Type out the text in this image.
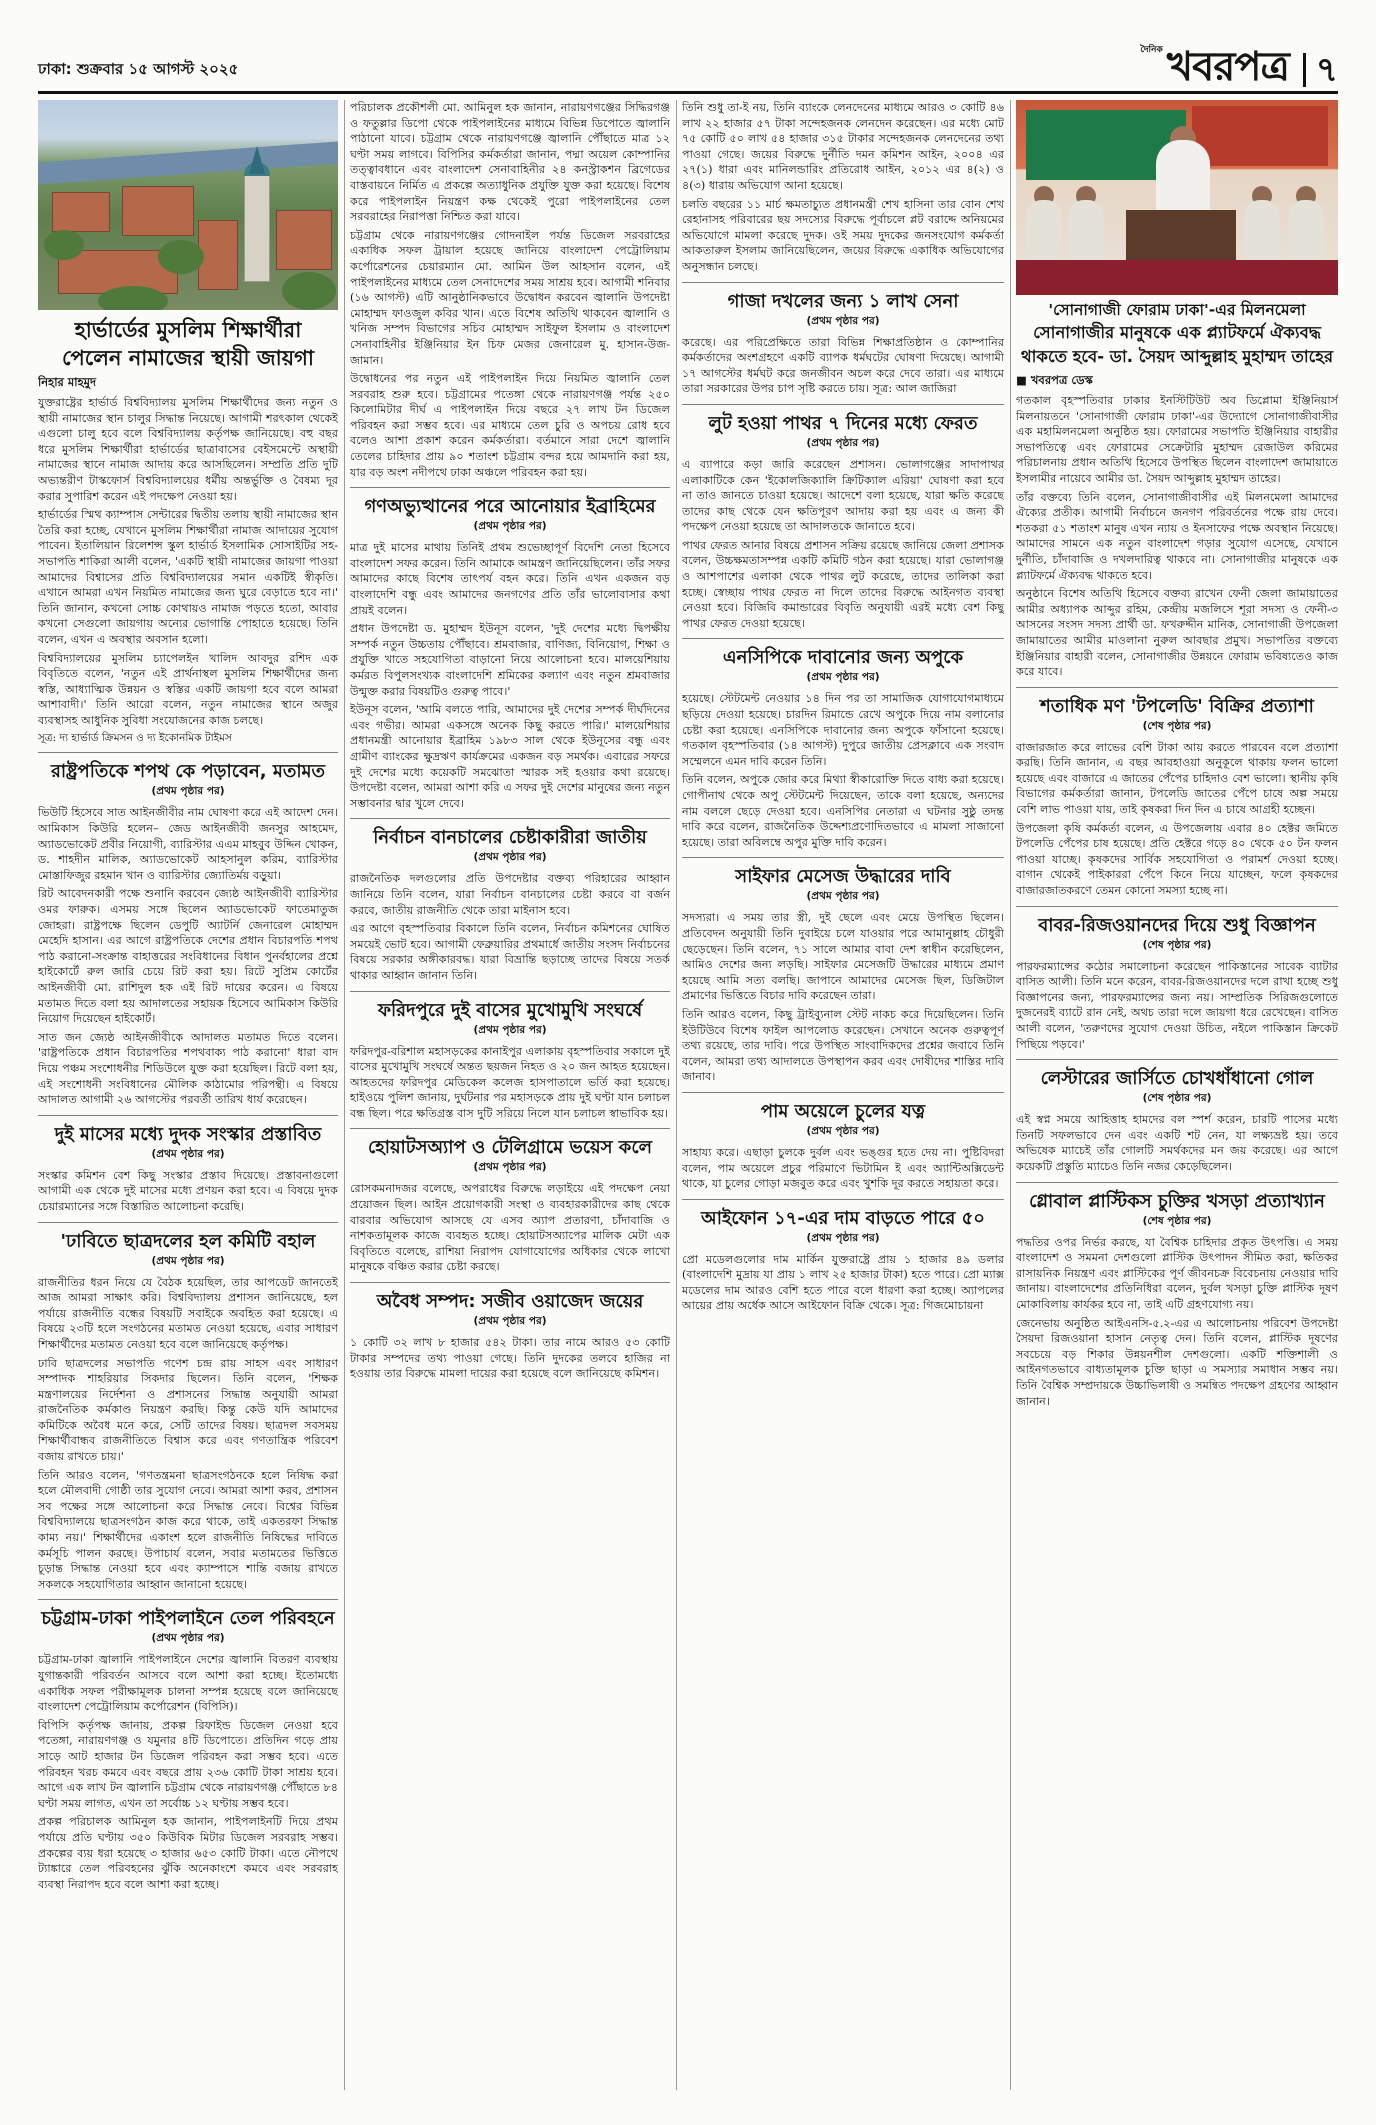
ঢাকা: শুক্রবার ১৫ আগস্ট ২০২৫
দৈনিক খবরপত্র ৭
হার্ভার্ডের মুসলিম শিক্ষার্থীরা
পেলেন নামাজের স্থায়ী জায়গা
নিহার মাহমুদ

যুক্তরাষ্ট্রের হার্ভার্ড বিশ্ববিদ্যালয় মুসলিম শিক্ষার্থীদের জন্য নতুন ও স্থায়ী নামাজের স্থান চালুর সিদ্ধান্ত নিয়েছে। আগামী শরৎকাল থেকেই এগুলো চালু হবে বলে বিশ্ববিদ্যালয় কর্তৃপক্ষ জানিয়েছে। বহু বছর ধরে মুসলিম শিক্ষার্থীরা হার্ভার্ডের ছাত্রাবাসের বেইসমেন্টে অস্থায়ী নামাজের স্থানে নামাজ আদায় করে আসছিলেন। সম্প্রতি প্রতি দুটি অভ্যন্তরীণ টাস্কফোর্স বিশ্ববিদ্যালয়ের ধর্মীয় অন্তর্ভুক্তি ও বৈষম্য দূর করার সুপারিশ করেন এই পদক্ষেপ নেওয়া হয়।

হার্ভার্ডের স্মিথ ক্যাম্পাস সেন্টারের দ্বিতীয় তলায় স্থায়ী নামাজের স্থান তৈরি করা হচ্ছে, যেখানে মুসলিম শিক্ষার্থীরা নামাজ আদায়ের সুযোগ পাবেন। ইতালিয়ান রিলেশন্স স্কুল হার্ভার্ড ইসলামিক সোসাইটির সহ-সভাপতি শাকিরা আলী বলেন, 'একটি স্থায়ী নামাজের জায়গা পাওয়া আমাদের বিশ্বাসের প্রতি বিশ্ববিদ্যালয়ের সমান একটিই স্বীকৃতি। এখানে আমরা এখন নিয়মিত নামাজের জন্য ঘুরে বেড়াতে হবে না।' তিনি জানান, কখনো সোচ্চ কোথায়ও নামাজ পড়তে হতো, আবার কখনো সেগুলো জায়গায় অন্যের ভোগান্তি পোহাতে হয়েছে। তিনি বলেন, এখন এ অবস্থার অবসান হলো।

বিশ্ববিদ্যালয়ের মুসলিম চ্যাপেলইন খালিদ আবদুর রশিদ এক বিবৃতিতে বলেন, 'নতুন এই প্রার্থনাস্থল মুসলিম শিক্ষার্থীদের জন্য স্বস্তি, আধ্যাত্মিক উন্নয়ন ও স্বস্তির একটি জায়গা হবে বলে আমরা আশাবাদী।' তিনি আরো বলেন, নতুন নামাজের স্থানে অজুর ব্যবস্থাসহ আধুনিক সুবিধা সংযোজনের কাজ চলছে।

সূত্র: দ্য হার্ভার্ড ক্রিমসন ও দ্য ইকোনমিক টাইমস
রাষ্ট্রপতিকে শপথ কে পড়াবেন, মতামত
(প্রথম পৃষ্ঠার পর)

ভিউটি হিসেবে সাত আইনজীবীর নাম ঘোষণা করে এই আদেশ দেন। আমিকাস কিউরি হলেন– জেড আইনজীবী জনসুর আহমেদ, অ্যাডভোকেট প্রবীর নিয়োগী, ব্যারিস্টার এএম মাহবুব উদ্দিন খোকন, ড. শাহদীন মালিক, অ্যাডভোকেট আহসানুল করিম, ব্যারিস্টার মোস্তাফিজুর রহমান খান ও ব্যারিস্টার জ্যোতির্ময় বড়ুয়া।

রিট আবেদনকারী পক্ষে শুনানি করবেন জ্যেষ্ঠ আইনজীবী ব্যারিস্টার ওমর ফারুক। এসময় সঙ্গে ছিলেন অ্যাডভোকেট ফাতেমাতুজ জোহরা। রাষ্ট্রপক্ষে ছিলেন ডেপুটি অ্যাটর্নি জেনারেল মোহাম্মদ মেহেদি হাসান। এর আগে রাষ্ট্রপতিকে দেশের প্রধান বিচারপতি শপথ পাঠ করানো-সংক্রান্ত বাহাত্তরের সংবিধানের বিধান পুনর্বহালের প্রশ্নে হাইকোর্টে রুল জারি চেয়ে রিট করা হয়। রিটে সুপ্রিম কোর্টের আইনজীবী মো. রাশিদুল হক এই রিট দায়ের করেন। এ বিষয়ে মতামত দিতে বলা হয় আদালতের সহায়ক হিসেবে আমিকাস কিউরি নিয়োগ দিয়েছেন হাইকোর্ট।

সাত জন জ্যেষ্ঠ আইনজীবীকে আদালত মতামত দিতে বলেন। 'রাষ্ট্রপতিকে প্রধান বিচারপতির শপথবাক্য পাঠ করানো' ধারা বাদ দিয়ে পঞ্চম সংশোধনীর শিডিউলে যুক্ত করা হয়েছিল। রিটে বলা হয়, এই সংশোধনী সংবিধানের মৌলিক কাঠামোর পরিপন্থী। এ বিষয়ে আদালত আগামী ২৬ আগস্টের পরবর্তী তারিখ ধার্য করেছেন।

দুই মাসের মধ্যে দুদক সংস্কার প্রস্তাবিত
(প্রথম পৃষ্ঠার পর)

সংস্কার কমিশন বেশ কিছু সংস্কার প্রস্তাব দিয়েছে। প্রস্তাবনাগুলো আগামী এক থেকে দুই মাসের মধ্যে প্রণয়ন করা হবে। এ বিষয়ে দুদক চেয়ারম্যানের সঙ্গে বিস্তারিত আলোচনা করেছি।

'ঢাবিতে ছাত্রদলের হল কমিটি বহাল
(প্রথম পৃষ্ঠার পর)

রাজনীতির ধরন নিয়ে যে বৈঠক হয়েছিল, তার আপডেট জানতেই আজ আমরা সাক্ষাৎ করি। বিশ্ববিদ্যালয় প্রশাসন জানিয়েছে, হল পর্যায়ে রাজনীতি বন্ধের বিষয়টি সবাইকে অবহিত করা হয়েছে। এ বিষয়ে ২৩টি হলে সংগঠনের মতামত নেওয়া হয়েছে, এবার সাধারণ শিক্ষার্থীদের মতামত নেওয়া হবে বলে জানিয়েছে কর্তৃপক্ষ।

ঢাবি ছাত্রদলের সভাপতি গণেশ চন্দ্র রায় সাহস এবং সাধারণ সম্পাদক শাহরিয়ার সিকদার ছিলেন। তিনি বলেন, 'শিক্ষক মন্ত্রণালয়ের নির্দেশনা ও প্রশাসনের সিদ্ধান্ত অনুযায়ী আমরা রাজনৈতিক কর্মকাণ্ড নিয়ন্ত্রণ করছি। কিন্তু কেউ যদি আমাদের কমিটিকে অবৈধ মনে করে, সেটি তাদের বিষয়। ছাত্রদল সবসময় শিক্ষার্থীবান্ধব রাজনীতিতে বিশ্বাস করে এবং গণতান্ত্রিক পরিবেশ বজায় রাখতে চায়।'

তিনি আরও বলেন, 'গণতন্ত্রমনা ছাত্রসংগঠনকে হলে নিষিদ্ধ করা হলে মৌলবাদী গোষ্ঠী তার সুযোগ নেবে। আমরা আশা করব, প্রশাসন সব পক্ষের সঙ্গে আলোচনা করে সিদ্ধান্ত নেবে। বিশ্বের বিভিন্ন বিশ্ববিদ্যালয়ে ছাত্রসংগঠন কাজ করে থাকে, তাই একতরফা সিদ্ধান্ত কাম্য নয়।' শিক্ষার্থীদের একাংশ হলে রাজনীতি নিষিদ্ধের দাবিতে কর্মসূচি পালন করছে। উপাচার্য বলেন, সবার মতামতের ভিত্তিতে চূড়ান্ত সিদ্ধান্ত নেওয়া হবে এবং ক্যাম্পাসে শান্তি বজায় রাখতে সকলকে সহযোগিতার আহ্বান জানানো হয়েছে।

চট্টগ্রাম-ঢাকা পাইপলাইনে তেল পরিবহনে
(প্রথম পৃষ্ঠার পর)

চট্টগ্রাম-ঢাকা জ্বালানি পাইপলাইনে দেশের জ্বালানি বিতরণ ব্যবস্থায় যুগান্তকারী পরিবর্তন আসবে বলে আশা করা হচ্ছে। ইতোমধ্যে একাধিক সফল পরীক্ষামূলক চালনা সম্পন্ন হয়েছে বলে জানিয়েছে বাংলাদেশ পেট্রোলিয়াম কর্পোরেশন (বিপিসি)।

বিপিসি কর্তৃপক্ষ জানায়, প্রকল্প রিফাইন্ড ডিজেল নেওয়া হবে পতেঙ্গা, নারায়ণগঞ্জ ও যমুনার ৪টি ডিপোতে। প্রতিদিন গড়ে প্রায় সাড়ে আট হাজার টন ডিজেল পরিবহন করা সম্ভব হবে। এতে পরিবহন খরচ কমবে এবং বছরে প্রায় ২৩৬ কোটি টাকা সাশ্রয় হবে। আগে এক লাখ টন জ্বালানি চট্টগ্রাম থেকে নারায়ণগঞ্জ পৌঁছাতে ৮৪ ঘণ্টা সময় লাগত, এখন তা সর্বোচ্চ ১২ ঘণ্টায় সম্ভব হবে।

প্রকল্প পরিচালক আমিনুল হক জানান, পাইপলাইনটি দিয়ে প্রথম পর্যায়ে প্রতি ঘণ্টায় ৩৫০ কিউবিক মিটার ডিজেল সরবরাহ সম্ভব। প্রকল্পের ব্যয় ধরা হয়েছে ৩ হাজার ৬৫৩ কোটি টাকা। এতে নৌপথে ট্যাঙ্কারে তেল পরিবহনের ঝুঁকি অনেকাংশে কমবে এবং সরবরাহ ব্যবস্থা নিরাপদ হবে বলে আশা করা হচ্ছে।

পরিচালক প্রকৌশলী মো. আমিনুল হক জানান, নারায়ণগঞ্জের সিদ্ধিরগঞ্জ ও ফতুল্লার ডিপো থেকে পাইপলাইনের মাধ্যমে বিভিন্ন ডিপোতে জ্বালানি পাঠানো যাবে। চট্টগ্রাম থেকে নারায়ণগঞ্জে জ্বালানি পৌঁছাতে মাত্র ১২ ঘণ্টা সময় লাগবে। বিপিসির কর্মকর্তারা জানান, পদ্মা অয়েল কোম্পানির তত্ত্বাবধানে এবং বাংলাদেশ সেনাবাহিনীর ২৪ কনস্ট্রাকশন ব্রিগেডের বাস্তবায়নে নির্মিত এ প্রকল্পে অত্যাধুনিক প্রযুক্তি যুক্ত করা হয়েছে। বিশেষ করে পাইপলাইন নিয়ন্ত্রণ কক্ষ থেকেই পুরো পাইপলাইনের তেল সরবরাহের নিরাপত্তা নিশ্চিত করা যাবে।

চট্টগ্রাম থেকে নারায়ণগঞ্জের গোদনাইল পর্যন্ত ডিজেল সরবরাহের একাধিক সফল ট্রায়াল হয়েছে জানিয়ে বাংলাদেশ পেট্রোলিয়াম কর্পোরেশনের চেয়ারম্যান মো. আমিন উল আহসান বলেন, এই পাইপলাইনের মাধ্যমে তেল সেনাদেশের সময় সাশ্রয় হবে। আগামী শনিবার (১৬ আগস্ট) এটি আনুষ্ঠানিকভাবে উদ্বোধন করবেন জ্বালানি উপদেষ্টা মোহাম্মদ ফাওজুল কবির খান। এতে বিশেষ অতিথি থাকবেন জ্বালানি ও খনিজ সম্পদ বিভাগের সচিব মোহাম্মদ সাইফুল ইসলাম ও বাংলাদেশ সেনাবাহিনীর ইঞ্জিনিয়ার ইন চিফ মেজর জেনারেল মু. হাসান-উজ-জামান।

উদ্বোধনের পর নতুন এই পাইপলাইন দিয়ে নিয়মিত জ্বালানি তেল সরবরাহ শুরু হবে। চট্টগ্রামের পতেঙ্গা থেকে নারায়ণগঞ্জ পর্যন্ত ২৫০ কিলোমিটার দীর্ঘ এ পাইপলাইন দিয়ে বছরে ২৭ লাখ টন ডিজেল পরিবহন করা সম্ভব হবে। এর মাধ্যমে তেল চুরি ও অপচয় রোধ হবে বলেও আশা প্রকাশ করেন কর্মকর্তারা। বর্তমানে সারা দেশে জ্বালানি তেলের চাহিদার প্রায় ৯০ শতাংশ চট্টগ্রাম বন্দর হয়ে আমদানি করা হয়, যার বড় অংশ নদীপথে ঢাকা অঞ্চলে পরিবহন করা হয়।

গণঅভ্যুত্থানের পরে আনোয়ার ইব্রাহিমের
(প্রথম পৃষ্ঠার পর)

মাত্র দুই মাসের মাথায় তিনিই প্রথম শুভেচ্ছাপূর্ণ বিদেশি নেতা হিসেবে বাংলাদেশ সফর করেন। তিনি আমাকে আমন্ত্রণ জানিয়েছিলেন। তাঁর সফর আমাদের কাছে বিশেষ তাৎপর্য বহন করে। তিনি এখন একজন বড় বাংলাদেশি বন্ধু এবং আমাদের জনগণের প্রতি তাঁর ভালোবাসার কথা প্রায়ই বলেন।

প্রধান উপদেষ্টা ড. মুহাম্মদ ইউনূস বলেন, 'দুই দেশের মধ্যে দ্বিপক্ষীয় সম্পর্ক নতুন উচ্চতায় পৌঁছাবে। শ্রমবাজার, বাণিজ্য, বিনিয়োগ, শিক্ষা ও প্রযুক্তি খাতে সহযোগিতা বাড়ানো নিয়ে আলোচনা হবে। মালয়েশিয়ায় কর্মরত বিপুলসংখ্যক বাংলাদেশি শ্রমিকের কল্যাণ এবং নতুন শ্রমবাজার উন্মুক্ত করার বিষয়টিও গুরুত্ব পাবে।'

ইউনূস বলেন, 'আমি বলতে পারি, আমাদের দুই দেশের সম্পর্ক দীর্ঘদিনের এবং গভীর। আমরা একসঙ্গে অনেক কিছু করতে পারি।' মালয়েশিয়ার প্রধানমন্ত্রী আনোয়ার ইব্রাহিম ১৯৮৩ সাল থেকে ইউনূসের বন্ধু এবং গ্রামীণ ব্যাংকের ক্ষুদ্রঋণ কার্যক্রমের একজন বড় সমর্থক। এবারের সফরে দুই দেশের মধ্যে কয়েকটি সমঝোতা স্মারক সই হওয়ার কথা রয়েছে। উপদেষ্টা বলেন, আমরা আশা করি এ সফর দুই দেশের মানুষের জন্য নতুন সম্ভাবনার দ্বার খুলে দেবে।

নির্বাচন বানচালের চেষ্টাকারীরা জাতীয়
(প্রথম পৃষ্ঠার পর)

রাজনৈতিক দলগুলোর প্রতি উপদেষ্টার বক্তব্য পরিহারের আহ্বান জানিয়ে তিনি বলেন, যারা নির্বাচন বানচালের চেষ্টা করবে বা বর্জন করবে, জাতীয় রাজনীতি থেকে তারা মাইনাস হবে।

এর আগে বৃহস্পতিবার বিকালে তিনি বলেন, নির্বাচন কমিশনের ঘোষিত সময়েই ভোট হবে। আগামী ফেব্রুয়ারির প্রথমার্ধে জাতীয় সংসদ নির্বাচনের বিষয়ে সরকার অঙ্গীকারবদ্ধ। যারা বিভ্রান্তি ছড়াচ্ছে তাদের বিষয়ে সতর্ক থাকার আহ্বান জানান তিনি।

ফরিদপুরে দুই বাসের মুখোমুখি সংঘর্ষে
(প্রথম পৃষ্ঠার পর)

ফরিদপুর-বরিশাল মহাসড়কের কানাইপুর এলাকায় বৃহস্পতিবার সকালে দুই বাসের মুখোমুখি সংঘর্ষে অন্তত ছয়জন নিহত ও ২০ জন আহত হয়েছেন। আহতদের ফরিদপুর মেডিকেল কলেজ হাসপাতালে ভর্তি করা হয়েছে। হাইওয়ে পুলিশ জানায়, দুর্ঘটনার পর মহাসড়কে প্রায় দুই ঘণ্টা যান চলাচল বন্ধ ছিল। পরে ক্ষতিগ্রস্ত বাস দুটি সরিয়ে নিলে যান চলাচল স্বাভাবিক হয়।

হোয়াটসঅ্যাপ ও টেলিগ্রামে ভয়েস কলে
(প্রথম পৃষ্ঠার পর)

রোসকমনাদজর বলেছে, অপরাধের বিরুদ্ধে লড়াইয়ে এই পদক্ষেপ নেয়া প্রয়োজন ছিল। আইন প্রয়োগকারী সংস্থা ও ব্যবহারকারীদের কাছ থেকে বারবার অভিযোগ আসছে যে এসব অ্যাপ প্রতারণা, চাঁদাবাজি ও নাশকতামূলক কাজে ব্যবহৃত হচ্ছে। হোয়াটসঅ্যাপের মালিক মেটা এক বিবৃতিতে বলেছে, রাশিয়া নিরাপদ যোগাযোগের অধিকার থেকে লাখো মানুষকে বঞ্চিত করার চেষ্টা করছে।

অবৈধ সম্পদ: সজীব ওয়াজেদ জয়ের
(প্রথম পৃষ্ঠার পর)

১ কোটি ৩২ লাখ ৮ হাজার ৫৪২ টাকা। তার নামে আরও ৫৩ কোটি টাকার সম্পদের তথ্য পাওয়া গেছে। তিনি দুদকের তলবে হাজির না হওয়ায় তার বিরুদ্ধে মামলা দায়ের করা হয়েছে বলে জানিয়েছে কমিশন।

তিনি শুধু তা-ই নয়, তিনি ব্যাংকে লেনদেনের মাধ্যমে আরও ৩ কোটি ৪৬ লাখ ২২ হাজার ৫৭ টাকা সন্দেহজনক লেনদেন করেছেন। এর মধ্যে মোট ৭৫ কোটি ৫০ লাখ ৫৪ হাজার ৩১৫ টাকার সন্দেহজনক লেনদেনের তথ্য পাওয়া গেছে। জয়ের বিরুদ্ধে দুর্নীতি দমন কমিশন আইন, ২০০৪ এর ২৭(১) ধারা এবং মানিলন্ডারিং প্রতিরোধ আইন, ২০১২ এর ৪(২) ও ৪(৩) ধারায় অভিযোগ আনা হয়েছে।

চলতি বছরের ১১ মার্চ ক্ষমতাচ্যুত প্রধানমন্ত্রী শেখ হাসিনা তার বোন শেখ রেহানাসহ পরিবারের ছয় সদস্যের বিরুদ্ধে পূর্বাচলে প্লট বরাদ্দে অনিয়মের অভিযোগে মামলা করেছে দুদক। ওই সময় দুদকের জনসংযোগ কর্মকর্তা আকতারুল ইসলাম জানিয়েছিলেন, জয়ের বিরুদ্ধে একাধিক অভিযোগের অনুসন্ধান চলছে।

গাজা দখলের জন্য ১ লাখ সেনা
(প্রথম পৃষ্ঠার পর)

করেছে। এর পরিপ্রেক্ষিতে তারা বিভিন্ন শিক্ষাপ্রতিষ্ঠান ও কোম্পানির কর্মকর্তাদের অংশগ্রহণে একটি ব্যাপক ধর্মঘটের ঘোষণা দিয়েছে। আগামী ১৭ আগস্টের ধর্মঘট করে জনজীবন অচল করে দেবে তারা। এর মাধ্যমে তারা সরকারের উপর চাপ সৃষ্টি করতে চায়। সূত্র: আল জাজিরা

লুট হওয়া পাথর ৭ দিনের মধ্যে ফেরত
(প্রথম পৃষ্ঠার পর)

এ ব্যাপারে কড়া জারি করেছেন প্রশাসন। ভোলাগঞ্জের সাদাপাথর এলাকাটিকে কেন 'ইকোলজিক্যালি ক্রিটিক্যাল এরিয়া' ঘোষণা করা হবে না তাও জানতে চাওয়া হয়েছে। আদেশে বলা হয়েছে, যারা ক্ষতি করেছে তাদের কাছ থেকে যেন ক্ষতিপূরণ আদায় করা হয় এবং এ জন্য কী পদক্ষেপ নেওয়া হয়েছে তা আদালতকে জানাতে হবে।

পাথর ফেরত আনার বিষয়ে প্রশাসন সক্রিয় রয়েছে জানিয়ে জেলা প্রশাসক বলেন, উচ্চক্ষমতাসম্পন্ন একটি কমিটি গঠন করা হয়েছে। যারা ভোলাগঞ্জ ও আশপাশের এলাকা থেকে পাথর লুট করেছে, তাদের তালিকা করা হচ্ছে। স্বেচ্ছায় পাথর ফেরত না দিলে তাদের বিরুদ্ধে আইনগত ব্যবস্থা নেওয়া হবে। বিজিবি কমান্ডারের বিবৃতি অনুযায়ী এরই মধ্যে বেশ কিছু পাথর ফেরত দেওয়া হয়েছে।

এনসিপিকে দাবানোর জন্য অপুকে
(প্রথম পৃষ্ঠার পর)

হয়েছে। স্টেটমেন্ট নেওয়ার ১৪ দিন পর তা সামাজিক যোগাযোগমাধ্যমে ছড়িয়ে দেওয়া হয়েছে। চারদিন রিমান্ডে রেখে অপুকে দিয়ে নাম বলানোর চেষ্টা করা হয়েছে। এনসিপিকে দাবানোর জন্য অপুকে ফাঁসানো হয়েছে। গতকাল বৃহস্পতিবার (১৪ আগস্ট) দুপুরে জাতীয় প্রেসক্লাবে এক সংবাদ সম্মেলনে এমন দাবি করেন তিনি।

তিনি বলেন, অপুকে জোর করে মিথ্যা স্বীকারোক্তি দিতে বাধ্য করা হয়েছে। গোপীনাথ থেকে অপু স্টেটমেন্ট দিয়েছেন, তাকে বলা হয়েছে, অন্যদের নাম বললে ছেড়ে দেওয়া হবে। এনসিপির নেতারা এ ঘটনার সুষ্ঠু তদন্ত দাবি করে বলেন, রাজনৈতিক উদ্দেশ্যপ্রণোদিতভাবে এ মামলা সাজানো হয়েছে। তারা অবিলম্বে অপুর মুক্তি দাবি করেন।

সাইফার মেসেজ উদ্ধারের দাবি
(প্রথম পৃষ্ঠার পর)

সদস্যরা। এ সময় তার স্ত্রী, দুই ছেলে এবং মেয়ে উপস্থিত ছিলেন। প্রতিবেদন অনুযায়ী তিনি দুবাইয়ে চলে যাওয়ার পরে আমানুল্লাহ চৌধুরী ছেড়েছেন। তিনি বলেন, ৭১ সালে আমার বাবা দেশ স্বাধীন করেছিলেন, আমিও দেশের জন্য লড়ছি। সাইফার মেসেজটি উদ্ধারের মাধ্যমে প্রমাণ হয়েছে আমি সত্য বলছি। জাপানে আমাদের মেসেজ ছিল, ডিজিটাল প্রমাণের ভিত্তিতে বিচার দাবি করেছেন তারা।

তিনি আরও বলেন, কিছু ট্রাইব্যুনাল স্টেট নাকচ করে দিয়েছিলেন। তিনি ইউটিউবে বিশেষ ফাইল আপলোড করেছেন। সেখানে অনেক গুরুত্বপূর্ণ তথ্য রয়েছে, তার দাবি। পরে উপস্থিত সাংবাদিকদের প্রশ্নের জবাবে তিনি বলেন, আমরা তথ্য আদালতে উপস্থাপন করব এবং দোষীদের শাস্তির দাবি জানাব।

পাম অয়েলে চুলের যত্ন
(প্রথম পৃষ্ঠার পর)

সাহায্য করে। এছাড়া চুলকে দুর্বল এবং ভঙ্গুর হতে দেয় না। পুষ্টিবিদরা বলেন, পাম অয়েলে প্রচুর পরিমাণে ভিটামিন ই এবং অ্যান্টিঅক্সিডেন্ট থাকে, যা চুলের গোড়া মজবুত করে এবং খুশকি দূর করতে সহায়তা করে।

আইফোন ১৭-এর দাম বাড়তে পারে ৫০
(প্রথম পৃষ্ঠার পর)

প্রো মডেলগুলোর দাম মার্কিন যুক্তরাষ্ট্রে প্রায় ১ হাজার ৪৯ ডলার (বাংলাদেশি মুদ্রায় যা প্রায় ১ লাখ ২৫ হাজার টাকা) হতে পারে। প্রো ম্যাক্স মডেলের দাম আরও বেশি হতে পারে বলে ধারণা করা হচ্ছে। অ্যাপলের আয়ের প্রায় অর্ধেক আসে আইফোন বিক্রি থেকে। সূত্র: গিজমোচায়না

'সোনাগাজী ফোরাম ঢাকা'-এর মিলনমেলা
সোনাগাজীর মানুষকে এক প্ল্যাটফর্মে ঐক্যবদ্ধ
থাকতে হবে- ডা. সৈয়দ আব্দুল্লাহ মুহাম্মদ তাহের
■ খবরপত্র ডেস্ক

গতকাল বৃহস্পতিবার ঢাকার ইনস্টিটিউট অব ডিপ্লোমা ইঞ্জিনিয়ার্স মিলনায়তনে 'সোনাগাজী ফোরাম ঢাকা'-এর উদ্যোগে সোনাগাজীবাসীর এক মহামিলনমেলা অনুষ্ঠিত হয়। ফোরামের সভাপতি ইঞ্জিনিয়ার বাহারীর সভাপতিত্বে এবং ফোরামের সেক্রেটারি মুহাম্মদ রেজাউল করিমের পরিচালনায় প্রধান অতিথি হিসেবে উপস্থিত ছিলেন বাংলাদেশ জামায়াতে ইসলামীর নায়েবে আমীর ডা. সৈয়দ আব্দুল্লাহ মুহাম্মদ তাহের।

তাঁর বক্তব্যে তিনি বলেন, সোনাগাজীবাসীর এই মিলনমেলা আমাদের ঐক্যের প্রতীক। আগামী নির্বাচনে জনগণ পরিবর্তনের পক্ষে রায় দেবে। শতকরা ৫১ শতাংশ মানুষ এখন ন্যায় ও ইনসাফের পক্ষে অবস্থান নিয়েছে। আমাদের সামনে এক নতুন বাংলাদেশ গড়ার সুযোগ এসেছে, যেখানে দুর্নীতি, চাঁদাবাজি ও দখলদারিত্ব থাকবে না। সোনাগাজীর মানুষকে এক প্ল্যাটফর্মে ঐক্যবদ্ধ থাকতে হবে।

অনুষ্ঠানে বিশেষ অতিথি হিসেবে বক্তব্য রাখেন ফেনী জেলা জামায়াতের আমীর অধ্যাপক আব্দুর রহিম, কেন্দ্রীয় মজলিসে শূরা সদস্য ও ফেনী-৩ আসনের সংসদ সদস্য প্রার্থী ডা. ফখরুদ্দীন মানিক, সোনাগাজী উপজেলা জামায়াতের আমীর মাওলানা নুরুল আবছার প্রমুখ। সভাপতির বক্তব্যে ইঞ্জিনিয়ার বাহারী বলেন, সোনাগাজীর উন্নয়নে ফোরাম ভবিষ্যতেও কাজ করে যাবে।

শতাধিক মণ 'টপলেডি' বিক্রির প্রত্যাশা
(শেষ পৃষ্ঠার পর)

বাজারজাত করে লাভের বেশি টাকা আয় করতে পারবেন বলে প্রত্যাশা করছি। তিনি জানান, এ বছর আবহাওয়া অনুকূলে থাকায় ফলন ভালো হয়েছে এবং বাজারে এ জাতের পেঁপের চাহিদাও বেশ ভালো। স্থানীয় কৃষি বিভাগের কর্মকর্তারা জানান, টপলেডি জাতের পেঁপে চাষে অল্প সময়ে বেশি লাভ পাওয়া যায়, তাই কৃষকরা দিন দিন এ চাষে আগ্রহী হচ্ছেন।

উপজেলা কৃষি কর্মকর্তা বলেন, এ উপজেলায় এবার ৪০ হেক্টর জমিতে টপলেডি পেঁপের চাষ হয়েছে। প্রতি হেক্টরে গড়ে ৪০ থেকে ৫০ টন ফলন পাওয়া যাচ্ছে। কৃষকদের সার্বিক সহযোগিতা ও পরামর্শ দেওয়া হচ্ছে। বাগান থেকেই পাইকাররা পেঁপে কিনে নিয়ে যাচ্ছেন, ফলে কৃষকদের বাজারজাতকরণে তেমন কোনো সমস্যা হচ্ছে না।

বাবর-রিজওয়ানদের দিয়ে শুধু বিজ্ঞাপন
(শেষ পৃষ্ঠার পর)

পারফরম্যান্সের কঠোর সমালোচনা করেছেন পাকিস্তানের সাবেক ব্যাটার বাসিত আলী। তিনি মনে করেন, বাবর-রিজওয়ানদের দলে রাখা হচ্ছে শুধু বিজ্ঞাপনের জন্য, পারফরম্যান্সের জন্য নয়। সাম্প্রতিক সিরিজগুলোতে দুজনেরই ব্যাটে রান নেই, অথচ তারা দলে জায়গা ধরে রেখেছেন। বাসিত আলী বলেন, 'তরুণদের সুযোগ দেওয়া উচিত, নইলে পাকিস্তান ক্রিকেট পিছিয়ে পড়বে।'

লেস্টারের জার্সিতে চোখধাঁধানো গোল
(শেষ পৃষ্ঠার পর)

এই স্বপ্ন সময়ে আহিত্তাহ হামদের বল স্পর্শ করেন, চারটি পাসের মধ্যে তিনটি সফলভাবে দেন এবং একটি শট নেন, যা লক্ষ্যভ্রষ্ট হয়। তবে অভিষেক ম্যাচেই তাঁর গোলটি সমর্থকদের মন জয় করেছে। এর আগে কয়েকটি প্রস্তুতি ম্যাচেও তিনি নজর কেড়েছিলেন।

গ্লোবাল প্লাস্টিকস চুক্তির খসড়া প্রত্যাখ্যান
(শেষ পৃষ্ঠার পর)

পদ্ধতির ওপর নির্ভর করছে, যা বৈশ্বিক চাহিদার প্রকৃত উৎপত্তি। এ সময় বাংলাদেশ ও সমমনা দেশগুলো প্লাস্টিক উৎপাদন সীমিত করা, ক্ষতিকর রাসায়নিক নিয়ন্ত্রণ এবং প্লাস্টিকের পূর্ণ জীবনচক্র বিবেচনায় নেওয়ার দাবি জানায়। বাংলাদেশের প্রতিনিধিরা বলেন, দুর্বল খসড়া চুক্তি প্লাস্টিক দূষণ মোকাবিলায় কার্যকর হবে না, তাই এটি গ্রহণযোগ্য নয়।

জেনেভায় অনুষ্ঠিত আইএনসি-৫.২-এর এ আলোচনায় পরিবেশ উপদেষ্টা সৈয়দা রিজওয়ানা হাসান নেতৃত্ব দেন। তিনি বলেন, প্লাস্টিক দূষণের সবচেয়ে বড় শিকার উন্নয়নশীল দেশগুলো। একটি শক্তিশালী ও আইনগতভাবে বাধ্যতামূলক চুক্তি ছাড়া এ সমস্যার সমাধান সম্ভব নয়। তিনি বৈশ্বিক সম্প্রদায়কে উচ্চাভিলাষী ও সমন্বিত পদক্ষেপ গ্রহণের আহ্বান জানান।
